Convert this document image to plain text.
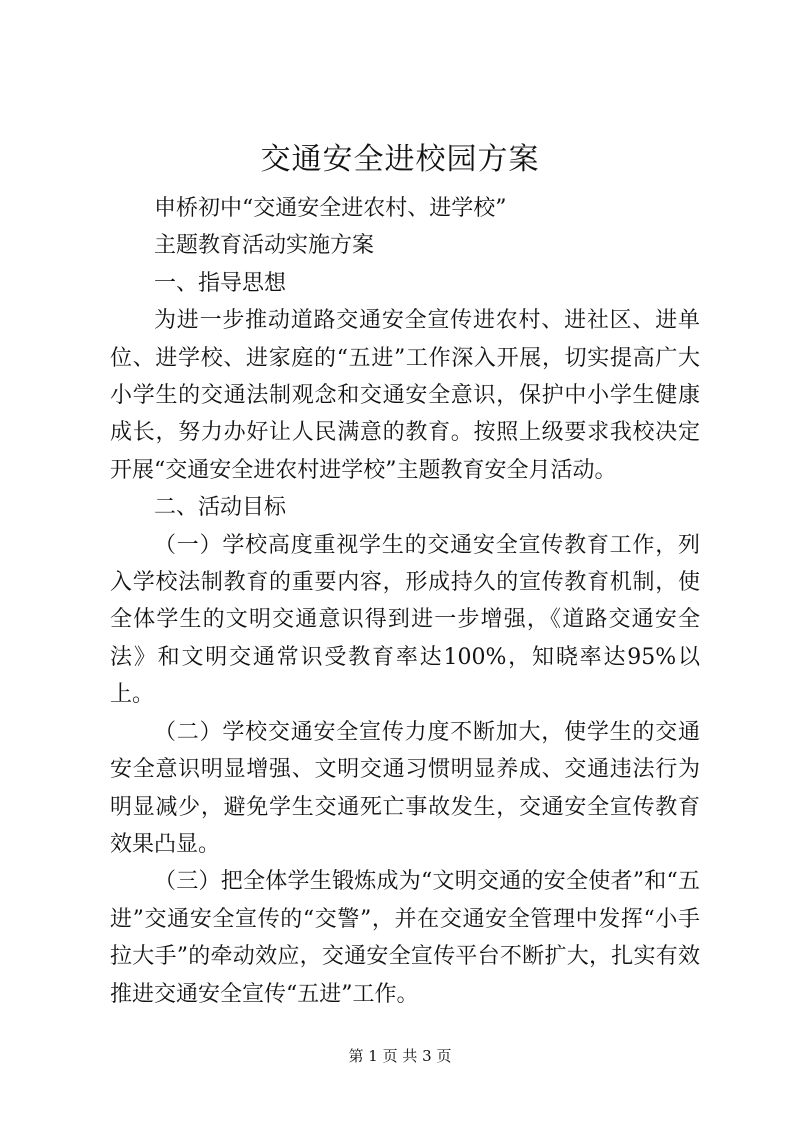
交通安全进校园方案

申桥初中“交通安全进农村、进学校”

主题教育活动实施方案

一、指导思想

为进一步推动道路交通安全宣传进农村、进社区、进单位、进学校、进家庭的“五进”工作深入开展，切实提高广大小学生的交通法制观念和交通安全意识，保护中小学生健康成长，努力办好让人民满意的教育。按照上级要求我校决定开展“交通安全进农村进学校”主题教育安全月活动。

二、活动目标

（一）学校高度重视学生的交通安全宣传教育工作，列入学校法制教育的重要内容，形成持久的宣传教育机制，使全体学生的文明交通意识得到进一步增强，《道路交通安全法》和文明交通常识受教育率达100%，知晓率达95%以上。

（二）学校交通安全宣传力度不断加大，使学生的交通安全意识明显增强、文明交通习惯明显养成、交通违法行为明显减少，避免学生交通死亡事故发生，交通安全宣传教育效果凸显。

（三）把全体学生锻炼成为“文明交通的安全使者”和“五进”交通安全宣传的“交警”，并在交通安全管理中发挥“小手拉大手”的牵动效应，交通安全宣传平台不断扩大，扎实有效推进交通安全宣传“五进”工作。

第 1 页 共 3 页
